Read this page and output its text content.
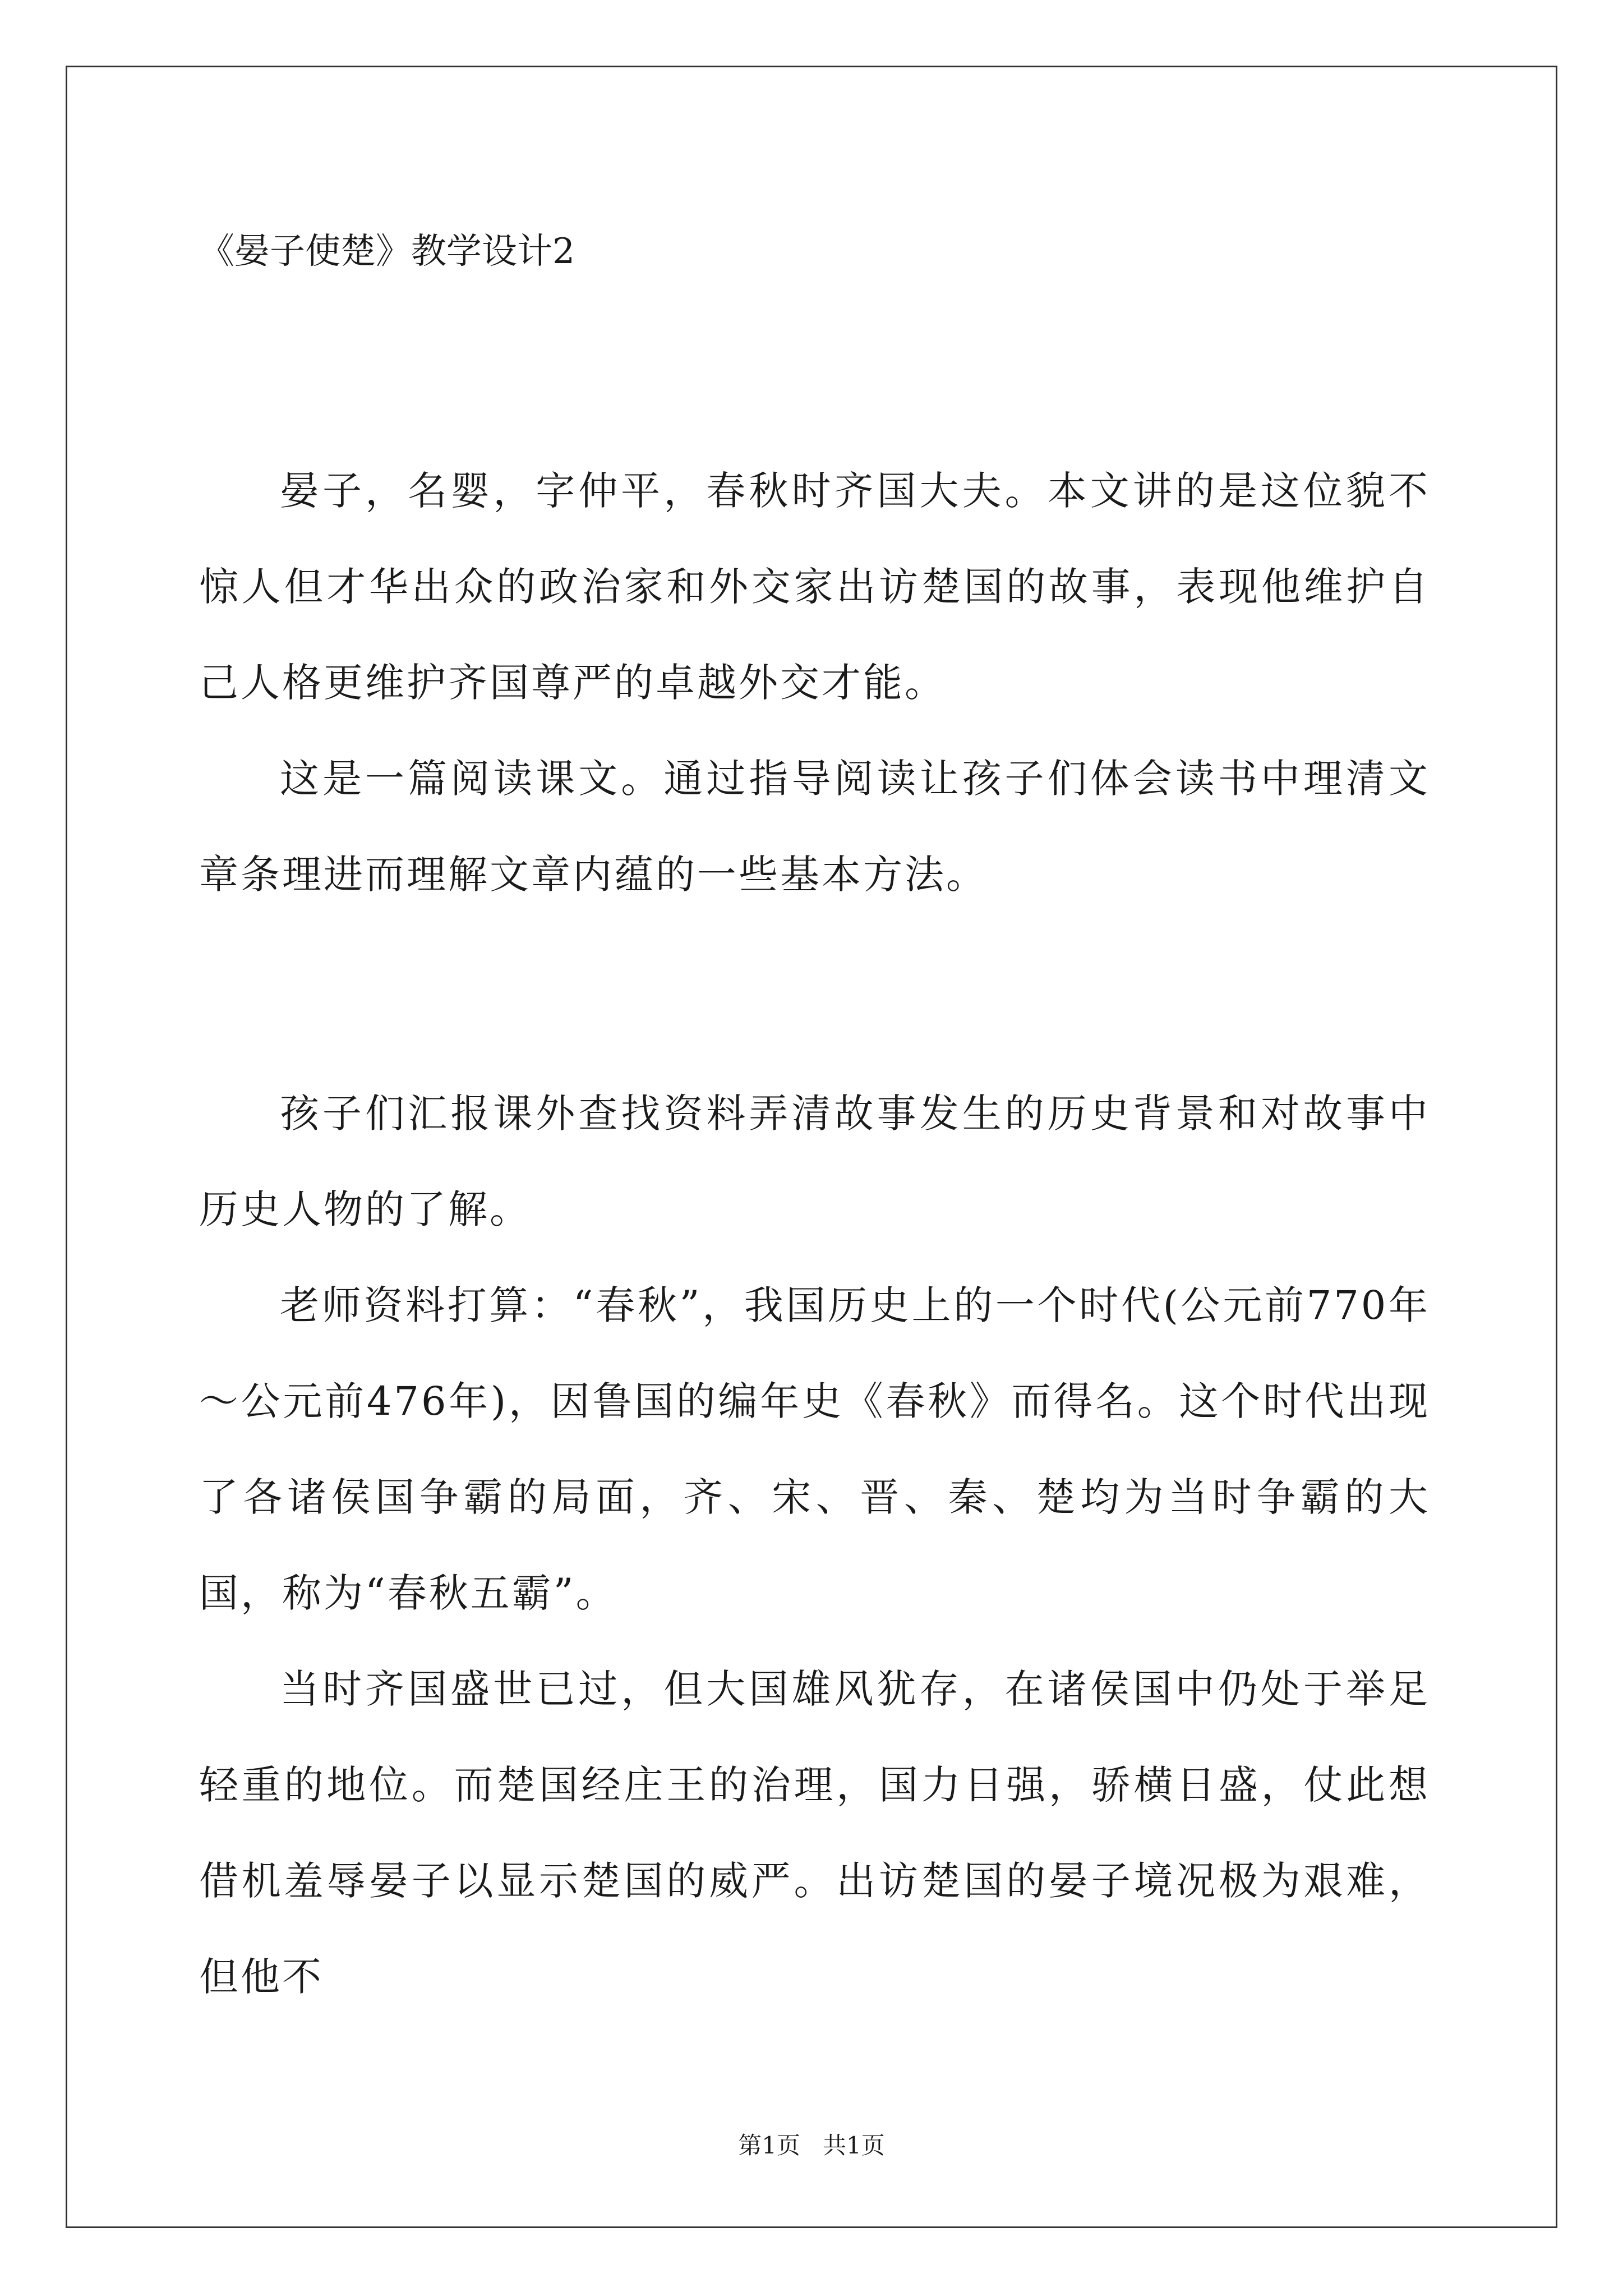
《晏子使楚》教学设计2

晏子，名婴，字仲平，春秋时齐国大夫。本文讲的是这位貌不惊人但才华出众的政治家和外交家出访楚国的故事，表现他维护自己人格更维护齐国尊严的卓越外交才能。

这是一篇阅读课文。通过指导阅读让孩子们体会读书中理清文章条理进而理解文章内蕴的一些基本方法。

孩子们汇报课外查找资料弄清故事发生的历史背景和对故事中历史人物的了解。

老师资料打算：“春秋”，我国历史上的一个时代(公元前770年～公元前476年)，因鲁国的编年史《春秋》而得名。这个时代出现了各诸侯国争霸的局面，齐、宋、晋、秦、楚均为当时争霸的大国，称为“春秋五霸”。

当时齐国盛世已过，但大国雄风犹存，在诸侯国中仍处于举足轻重的地位。而楚国经庄王的治理，国力日强，骄横日盛，仗此想借机羞辱晏子以显示楚国的威严。出访楚国的晏子境况极为艰难，但他不

第1页   共1页
